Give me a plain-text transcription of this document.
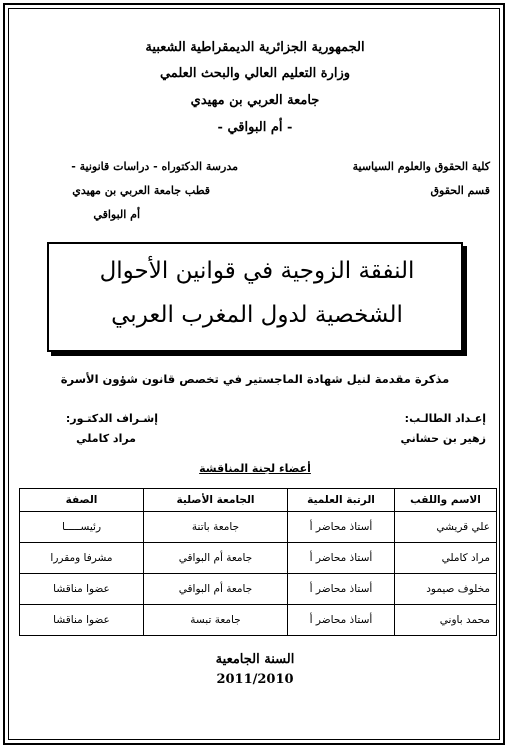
الجمهورية الجزائرية الديمقراطية الشعبية
وزارة التعليم العالي والبحث العلمي
جامعة العربي بن مهيدي
- أم البواقي -
كلية الحقوق والعلوم السياسية
قسم الحقوق
مدرسة الدكتوراه - دراسات قانونية -
قطب جامعة العربي بن مهيدي
أم البواقي
النفقة الزوجية في قوانين الأحوال
الشخصية لدول المغرب العربي
مذكرة مقدمة لنيل شهادة الماجستير في تخصص قانون شؤون الأسرة
إعـداد الطالـب:
زهير بن حشاني
إشـراف الدكتـور:
مراد كاملي
أعضاء لجنة المناقشة
الاسم واللقب	الرتبة العلمية	الجامعة الأصلية	الصفة
علي قريشي	أستاذ محاضر أ	جامعة باتنة	رئيســـــا
مراد كاملي	أستاذ محاضر أ	جامعة أم البواقي	مشرفا ومقررا
مخلوف صيمود	أستاذ محاضر أ	جامعة أم البواقي	عضوا مناقشا
محمد باوني	أستاذ محاضر أ	جامعة تبسة	عضوا مناقشا
السنة الجامعية
2011/2010
